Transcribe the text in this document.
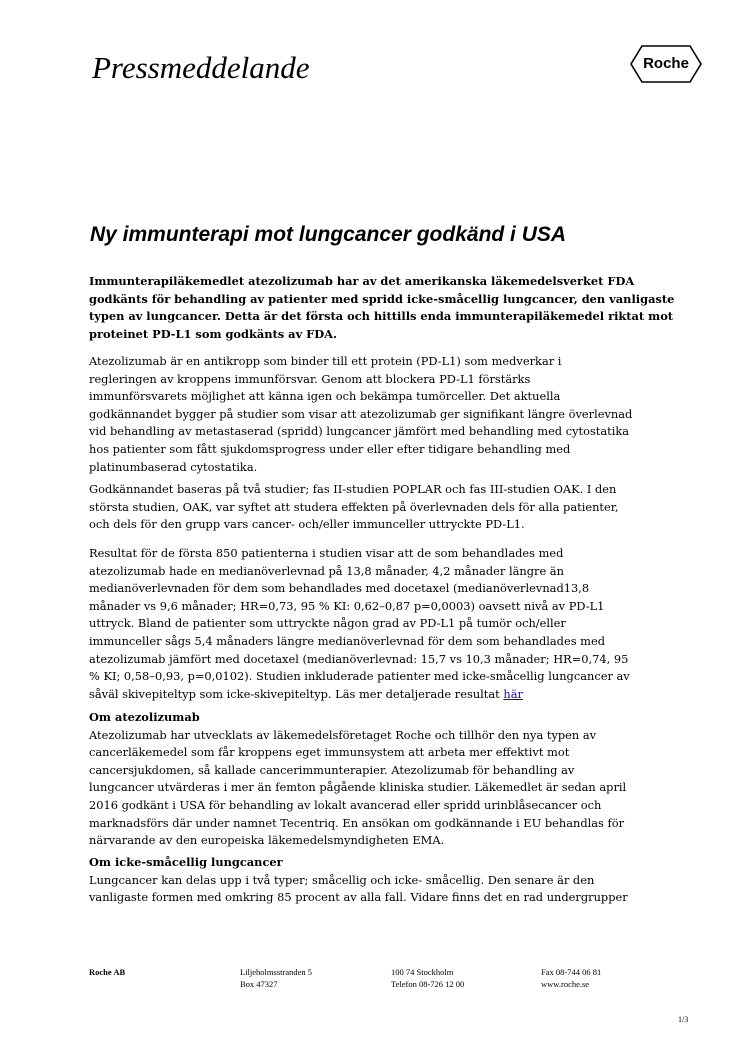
Pressmeddelande	Roche
Ny immunterapi mot lungcancer godkänd i USA
Immunterapiläkemedlet atezolizumab har av det amerikanska läkemedelsverket FDA
godkänts för behandling av patienter med spridd icke-småcellig lungcancer, den vanligaste
typen av lungcancer. Detta är det första och hittills enda immunterapiläkemedel riktat mot
proteinet PD-L1 som godkänts av FDA.
Atezolizumab är en antikropp som binder till ett protein (PD-L1) som medverkar i
regleringen av kroppens immunförsvar. Genom att blockera PD-L1 förstärks
immunförsvarets möjlighet att känna igen och bekämpa tumörceller. Det aktuella
godkännandet bygger på studier som visar att atezolizumab ger signifikant längre överlevnad
vid behandling av metastaserad (spridd) lungcancer jämfört med behandling med cytostatika
hos patienter som fått sjukdomsprogress under eller efter tidigare behandling med
platinumbaserad cytostatika.
Godkännandet baseras på två studier; fas II-studien POPLAR och fas III-studien OAK. I den
största studien, OAK, var syftet att studera effekten på överlevnaden dels för alla patienter,
och dels för den grupp vars cancer- och/eller immunceller uttryckte PD-L1.
Resultat för de första 850 patienterna i studien visar att de som behandlades med
atezolizumab hade en medianöverlevnad på 13,8 månader, 4,2 månader längre än
medianöverlevnaden för dem som behandlades med docetaxel (medianöverlevnad13,8
månader vs 9,6 månader; HR=0,73, 95 % KI: 0,62–0,87 p=0,0003) oavsett nivå av PD-L1
uttryck. Bland de patienter som uttryckte någon grad av PD-L1 på tumör och/eller
immunceller sågs 5,4 månaders längre medianöverlevnad för dem som behandlades med
atezolizumab jämfört med docetaxel (medianöverlevnad: 15,7 vs 10,3 månader; HR=0,74, 95
% KI; 0,58–0,93, p=0,0102). Studien inkluderade patienter med icke-småcellig lungcancer av
såväl skivepiteltyp som icke-skivepiteltyp. Läs mer detaljerade resultat här
Om atezolizumab
Atezolizumab har utvecklats av läkemedelsföretaget Roche och tillhör den nya typen av
cancerläkemedel som får kroppens eget immunsystem att arbeta mer effektivt mot
cancersjukdomen, så kallade cancerimmunterapier. Atezolizumab för behandling av
lungcancer utvärderas i mer än femton pågående kliniska studier. Läkemedlet är sedan april
2016 godkänt i USA för behandling av lokalt avancerad eller spridd urinblåsecancer och
marknadsförs där under namnet Tecentriq. En ansökan om godkännande i EU behandlas för
närvarande av den europeiska läkemedelsmyndigheten EMA.
Om icke-småcellig lungcancer
Lungcancer kan delas upp i två typer; småcellig och icke- småcellig. Den senare är den
vanligaste formen med omkring 85 procent av alla fall. Vidare finns det en rad undergrupper
Roche AB	Liljeholmsstranden 5
Box 47327
100 74 Stockholm
Telefon 08-726 12 00
Fax 08-744 06 81
www.roche.se
1/3
